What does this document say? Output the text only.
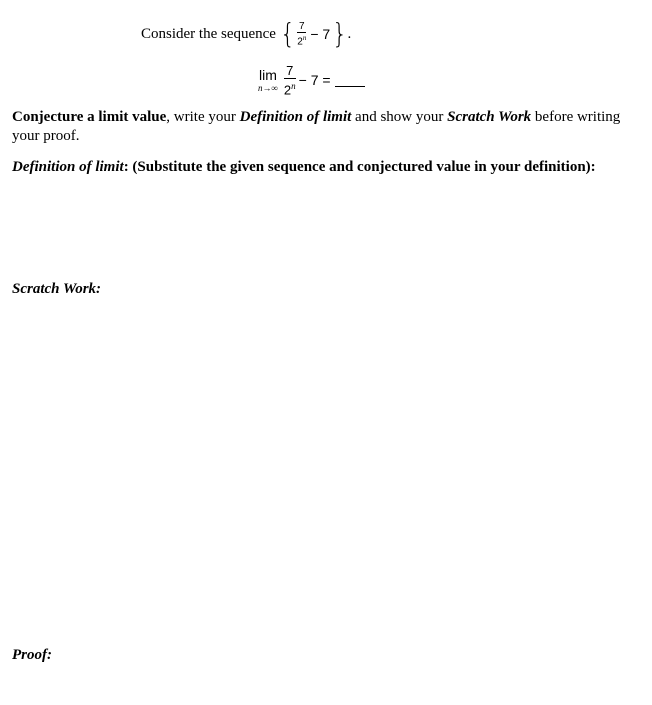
Consider the sequence { $\frac{7}{2^n} - 7$ } .
lim
$n\to\infty \frac{7}{2^n} - 7$ =
Conjecture a limit value, write your Definition of limit and show your Scratch Work before writing your proof.
Definition of limit: (Substitute the given sequence and conjectured value in your definition):
Scratch Work:
Proof:
